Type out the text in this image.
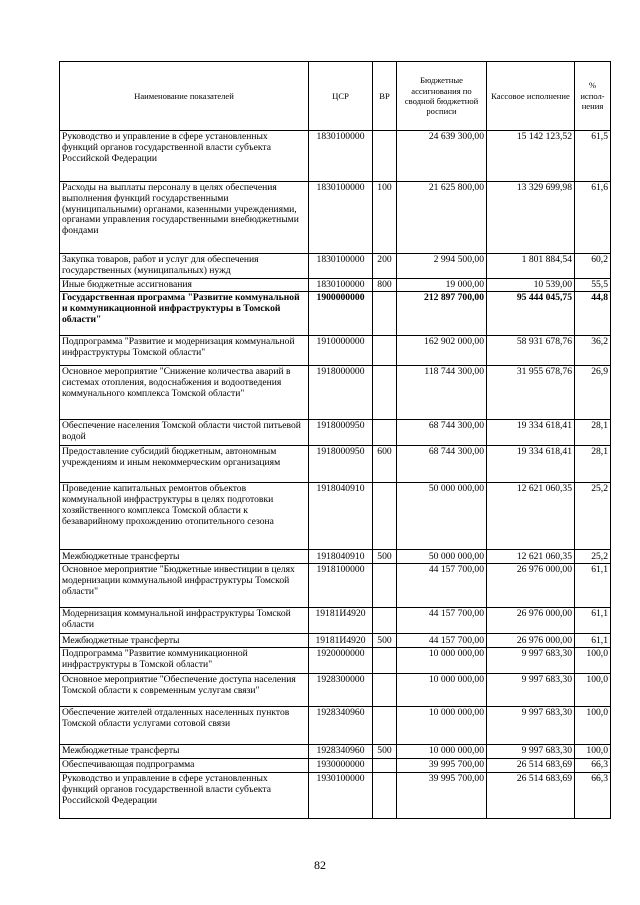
Наименование показателей	ЦСР	ВР	Бюджетные ассигнования по сводной бюджетной росписи	Кассовое исполнение	% испол-нения
Руководство и управление в сфере установленных функций органов государственной власти субъекта Российской Федерации	1830100000		24 639 300,00	15 142 123,52	61,5
Расходы на выплаты персоналу в целях обеспечения выполнения функций государственными (муниципальными) органами, казенными учреждениями, органами управления государственными внебюджетными фондами	1830100000	100	21 625 800,00	13 329 699,98	61,6
Закупка товаров, работ и услуг для обеспечения государственных (муниципальных) нужд	1830100000	200	2 994 500,00	1 801 884,54	60,2
Иные бюджетные ассигнования	1830100000	800	19 000,00	10 539,00	55,5
Государственная программа "Развитие коммунальной и коммуникационной инфраструктуры в Томской области"	1900000000		212 897 700,00	95 444 045,75	44,8
Подпрограмма "Развитие и модернизация коммунальной инфраструктуры Томской области"	1910000000		162 902 000,00	58 931 678,76	36,2
Основное мероприятие "Снижение количества аварий в системах отопления, водоснабжения и водоотведения коммунального комплекса Томской области"	1918000000		118 744 300,00	31 955 678,76	26,9
Обеспечение населения Томской области чистой питьевой водой	1918000950		68 744 300,00	19 334 618,41	28,1
Предоставление субсидий бюджетным, автономным учреждениям и иным некоммерческим организациям	1918000950	600	68 744 300,00	19 334 618,41	28,1
Проведение капитальных ремонтов объектов коммунальной инфраструктуры в целях подготовки хозяйственного комплекса Томской области к безаварийному прохождению отопительного сезона	1918040910		50 000 000,00	12 621 060,35	25,2
Межбюджетные трансферты	1918040910	500	50 000 000,00	12 621 060,35	25,2
Основное мероприятие "Бюджетные инвестиции в целях модернизации коммунальной инфраструктуры Томской области"	1918100000		44 157 700,00	26 976 000,00	61,1
Модернизация коммунальной инфраструктуры Томской области	19181И4920		44 157 700,00	26 976 000,00	61,1
Межбюджетные трансферты	19181И4920	500	44 157 700,00	26 976 000,00	61,1
Подпрограмма "Развитие коммуникационной инфраструктуры в Томской области"	1920000000		10 000 000,00	9 997 683,30	100,0
Основное мероприятие "Обеспечение доступа населения Томской области к современным услугам связи"	1928300000		10 000 000,00	9 997 683,30	100,0
Обеспечение жителей отдаленных населенных пунктов Томской области услугами сотовой связи	1928340960		10 000 000,00	9 997 683,30	100,0
Межбюджетные трансферты	1928340960	500	10 000 000,00	9 997 683,30	100,0
Обеспечивающая подпрограмма	1930000000		39 995 700,00	26 514 683,69	66,3
Руководство и управление в сфере установленных функций органов государственной власти субъекта Российской Федерации	1930100000		39 995 700,00	26 514 683,69	66,3
82
